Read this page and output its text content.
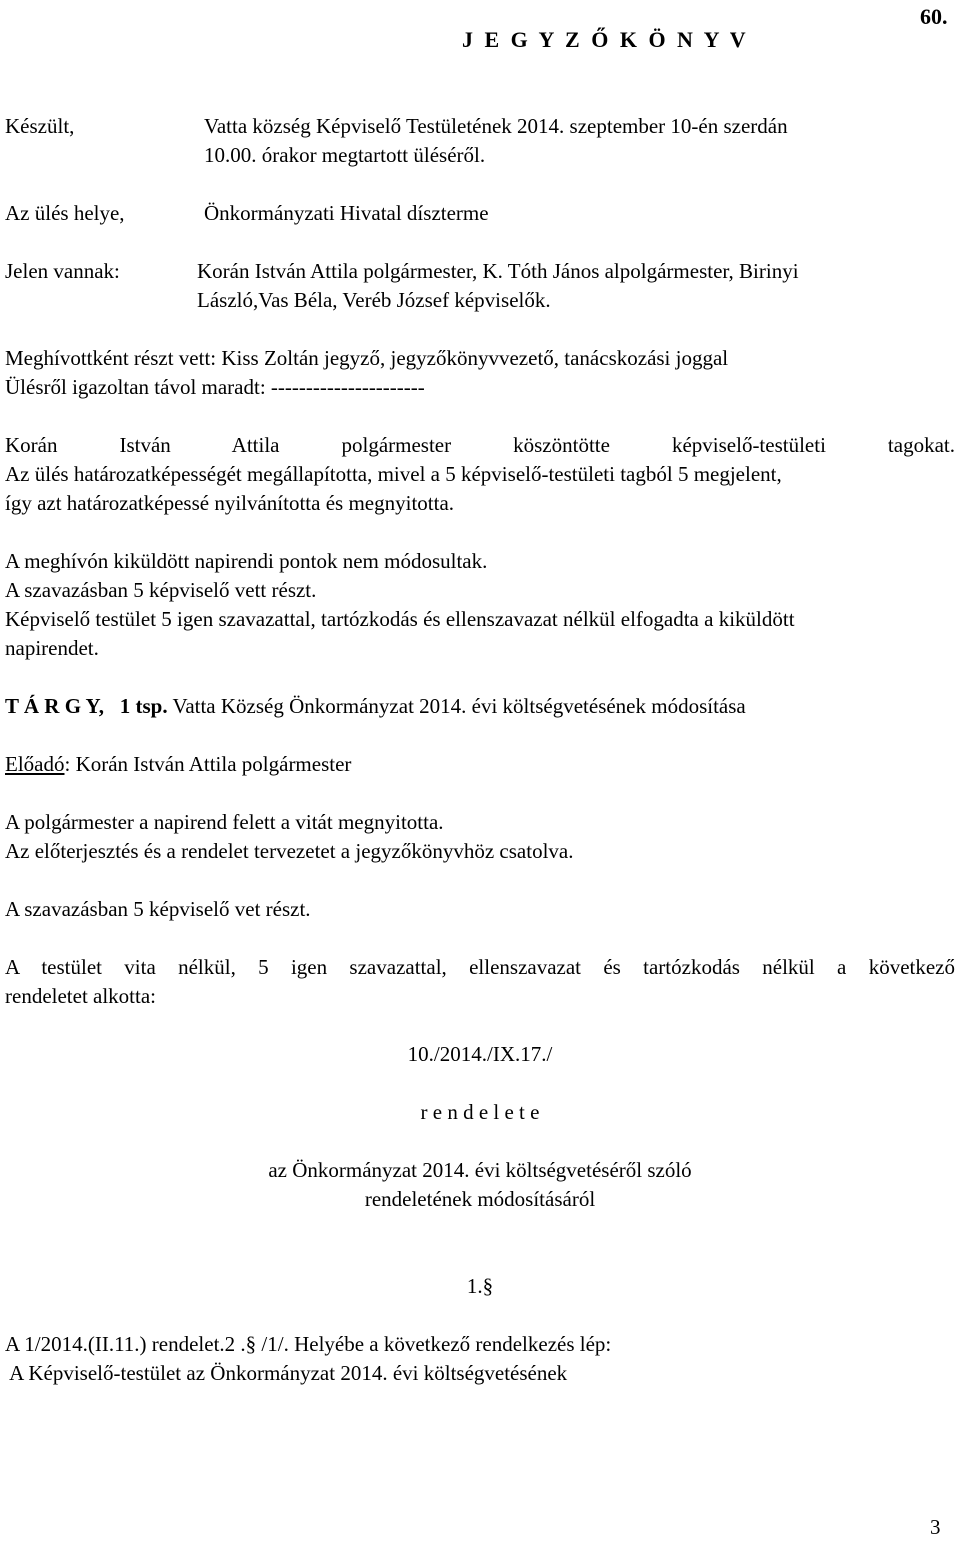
J E G Y Z Ő K Ö N Y V
60.
Készült,	Vatta község Képviselő Testületének 2014. szeptember 10-én szerdán
10.00. órakor megtartott üléséről.
Az ülés helye,	Önkormányzati Hivatal díszterme
Jelen vannak:	Korán István Attila polgármester, K. Tóth János alpolgármester, Birinyi
László,Vas Béla, Veréb József képviselők.
Meghívottként részt vett: Kiss Zoltán jegyző, jegyzőkönyvvezető, tanácskozási joggal
Ülésről igazoltan távol maradt: ----------------------
Korán István Attila polgármester köszöntötte képviselő-testületi tagokat.
Az ülés határozatképességét megállapította, mivel a 5 képviselő-testületi tagból 5 megjelent,
így azt határozatképessé nyilvánította és megnyitotta.
A meghívón kiküldött napirendi pontok nem módosultak.
A szavazásban 5 képviselő vett részt.
Képviselő testület 5 igen szavazattal, tartózkodás és ellenszavazat nélkül elfogadta a kiküldött
napirendet.
T Á R G Y,   1 tsp. Vatta Község Önkormányzat 2014. évi költségvetésének módosítása
Előadó: Korán István Attila polgármester
A polgármester a napirend felett a vitát megnyitotta.
Az előterjesztés és a rendelet tervezetet a jegyzőkönyvhöz csatolva.
A szavazásban 5 képviselő vet részt.
A testület vita nélkül, 5 igen szavazattal, ellenszavazat és tartózkodás nélkül a következő
rendeletet alkotta:
10./2014./IX.17./
r e n d e l e t e
az Önkormányzat 2014. évi költségvetéséről szóló
rendeletének módosításáról
1.§
A 1/2014.(II.11.) rendelet.2 .§ /1/. Helyébe a következő rendelkezés lép:
A Képviselő-testület az Önkormányzat 2014. évi költségvetésének
3
